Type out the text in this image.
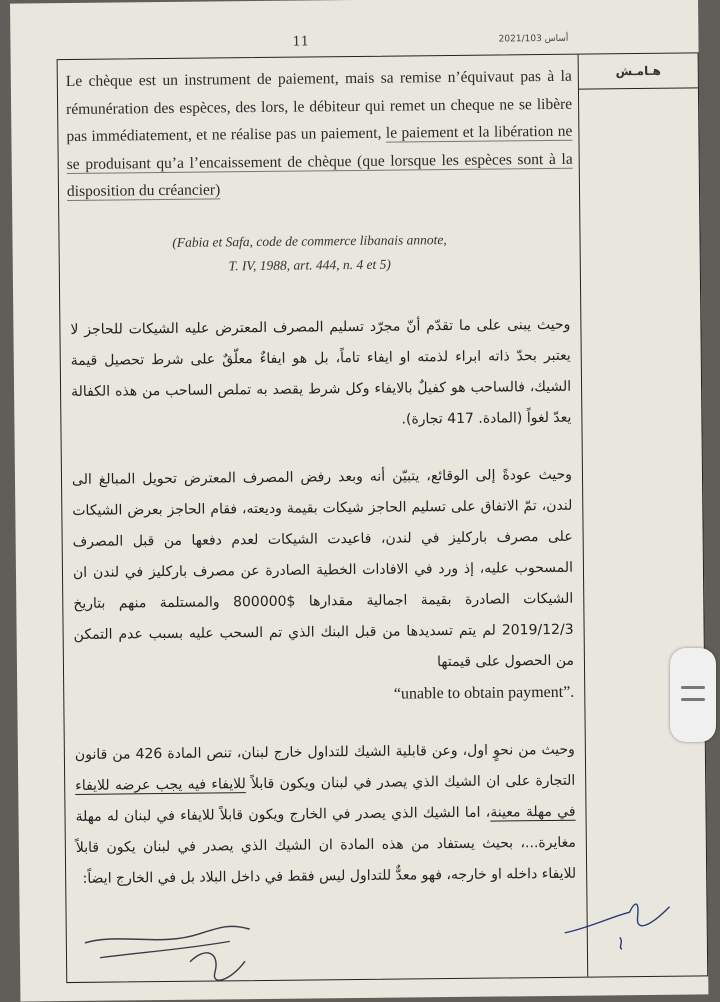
11	2021/103 أساس
Le chèque est un instrument de paiement, mais sa remise n’équivaut pas à la rémunération des espèces, des lors, le débiteur qui remet un cheque ne se libère pas immédiatement, et ne réalise pas un paiement, le paiement et la libération ne se produisant qu’a l’encaissement de chèque (que lorsque les espèces sont à la disposition du créancier)
(Fabia et Safa, code de commerce libanais annote,
T. IV, 1988, art. 444, n. 4 et 5)
وحيث يبنى على ما تقدّم أنّ مجرّد تسليم المصرف المعترض عليه الشيكات للحاجز لا يعتبر بحدّ ذاته ابراء لذمته او ايفاء تاماً، بل هو ايفاءٌ معلّقٌ على شرط تحصيل قيمة الشيك، فالساحب هو كفيلٌ بالايفاء وكل شرط يقصد به تملص الساحب من هذه الكفالة يعدّ لغواً (المادة. 417 تجارة).
وحيث عودةً إلى الوقائع، يتبيّن أنه وبعد رفض المصرف المعترض تحويل المبالغ الى لندن، تمّ الاتفاق على تسليم الحاجز شيكات بقيمة وديعته، فقام الحاجز بعرض الشيكات على مصرف باركليز في لندن، فاعيدت الشيكات لعدم دفعها من قبل المصرف المسحوب عليه، إذ ورد في الافادات الخطية الصادرة عن مصرف باركليز في لندن ان الشيكات الصادرة بقيمة اجمالية مقدارها $800000 والمستلمة منهم بتاريخ 2019/12/3 لم يتم تسديدها من قبل البنك الذي تم السحب عليه بسبب عدم التمكن من الحصول على قيمتها
“unable to obtain payment”.
وحيث من نحوٍ اول، وعن قابلية الشيك للتداول خارج لبنان، تنص المادة 426 من قانون التجارة على ان الشيك الذي يصدر في لبنان ويكون قابلاً للايفاء فيه يجب عرضه للايفاء في مهلة معينة، اما الشيك الذي يصدر في الخارج ويكون قابلاً للايفاء في لبنان له مهلة مغايرة...، بحيث يستفاد من هذه المادة ان الشيك الذي يصدر في لبنان يكون قابلاً للايفاء داخله او خارجه، فهو معدٌّ للتداول ليس فقط في داخل البلاد بل في الخارج ايضاً:
هـامـش
